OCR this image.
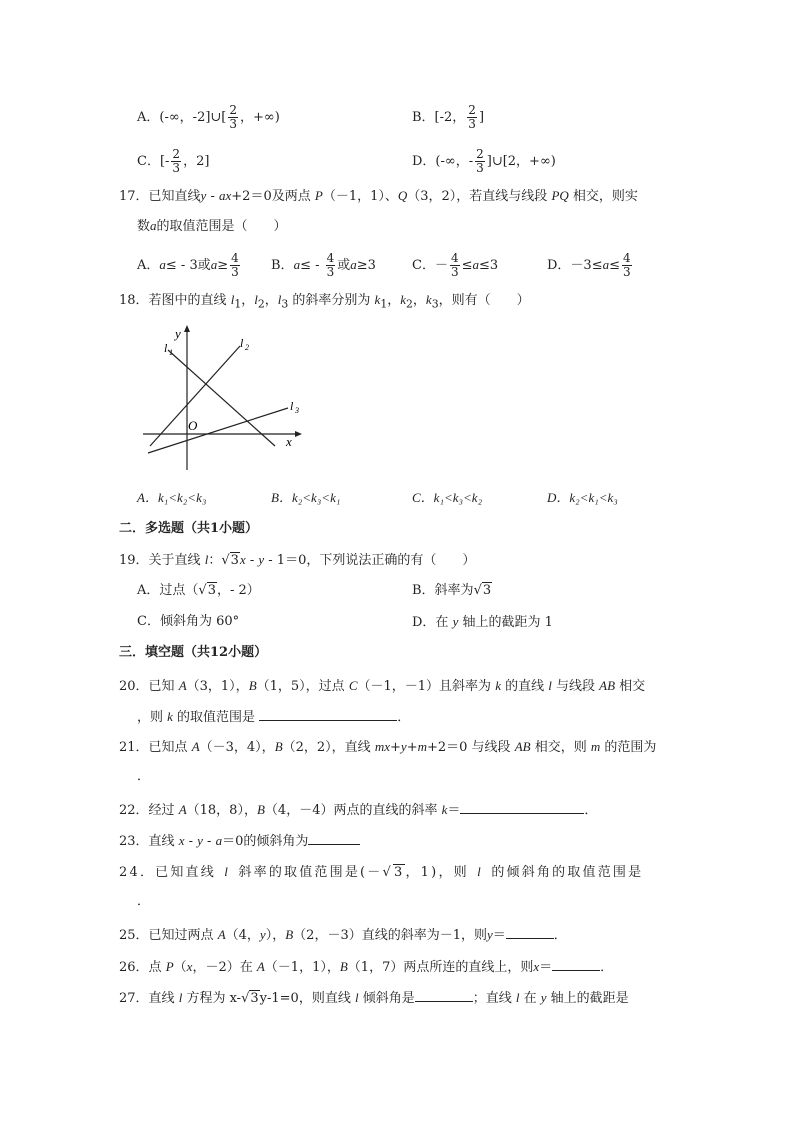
A．(-∞，-2]∪[ $\frac{2}{3}$ ，+∞)	B．[-2， $\frac{2}{3}$ ]
C．[- $\frac{2}{3}$ ，2]	D．(-∞，- $\frac{2}{3}$ ]∪[2，+∞)
17．已知直线y - ax+2＝0及两点 P（－1，1）、Q（3，2），若直线与线段 PQ 相交，则实
数a的取值范围是（　　）
A．a≤ - 3或$a\ge \frac{4}{3}$ B．$a\le - \frac{4}{3}$ 或a≥3	C．－ $\frac{4}{3} \le a\le 3$	D．$-3\le a\le \frac{4}{3}$
18．若图中的直线 $l_1$，$l_2$，$l_3$ 的斜率分别为 $k_1$，$k_2$，$k_3$，则有（　　）
y
x
O
l 1
l 2
l 3
A．k₁<k₂<k₃	B．k₂<k₃<k₁	C．k₁<k₃<k₂	D．k₂<k₁<k₃
二．多选题（共1小题）
19．关于直线 l：√3x - y - 1＝0，下列说法正确的有（　　）
A．过点（√3，- 2）	B．斜率为√3
C．倾斜角为 60°	D．在 y 轴上的截距为 1
三．填空题（共12小题）
20．已知 A（3，1），B（1，5），过点 C（－1，－1）且斜率为 k 的直线 l 与线段 AB 相交
，则 k 的取值范围是	．
21．已知点 A（－3，4），B（2，2），直线 mx+y+m+2＝0 与线段 AB 相交，则 m 的范围为
．
22．经过 A（18，8），B（4，－4）两点的直线的斜率 k＝	．
23．直线 x - y - a＝0的倾斜角为
24．已知直线 l 斜率的取值范围是(－√3，1)，则 l 的倾斜角的取值范围是
．
25．已知过两点 A（4，y），B（2，－3）直线的斜率为－1，则y＝	．
26．点 P（x，－2）在 A（－1，1），B（1，7）两点所连的直线上，则x＝	．
27．直线 l 方程为 x-√3y-1=0，则直线 l 倾斜角是	；直线 l 在 y 轴上的截距是
